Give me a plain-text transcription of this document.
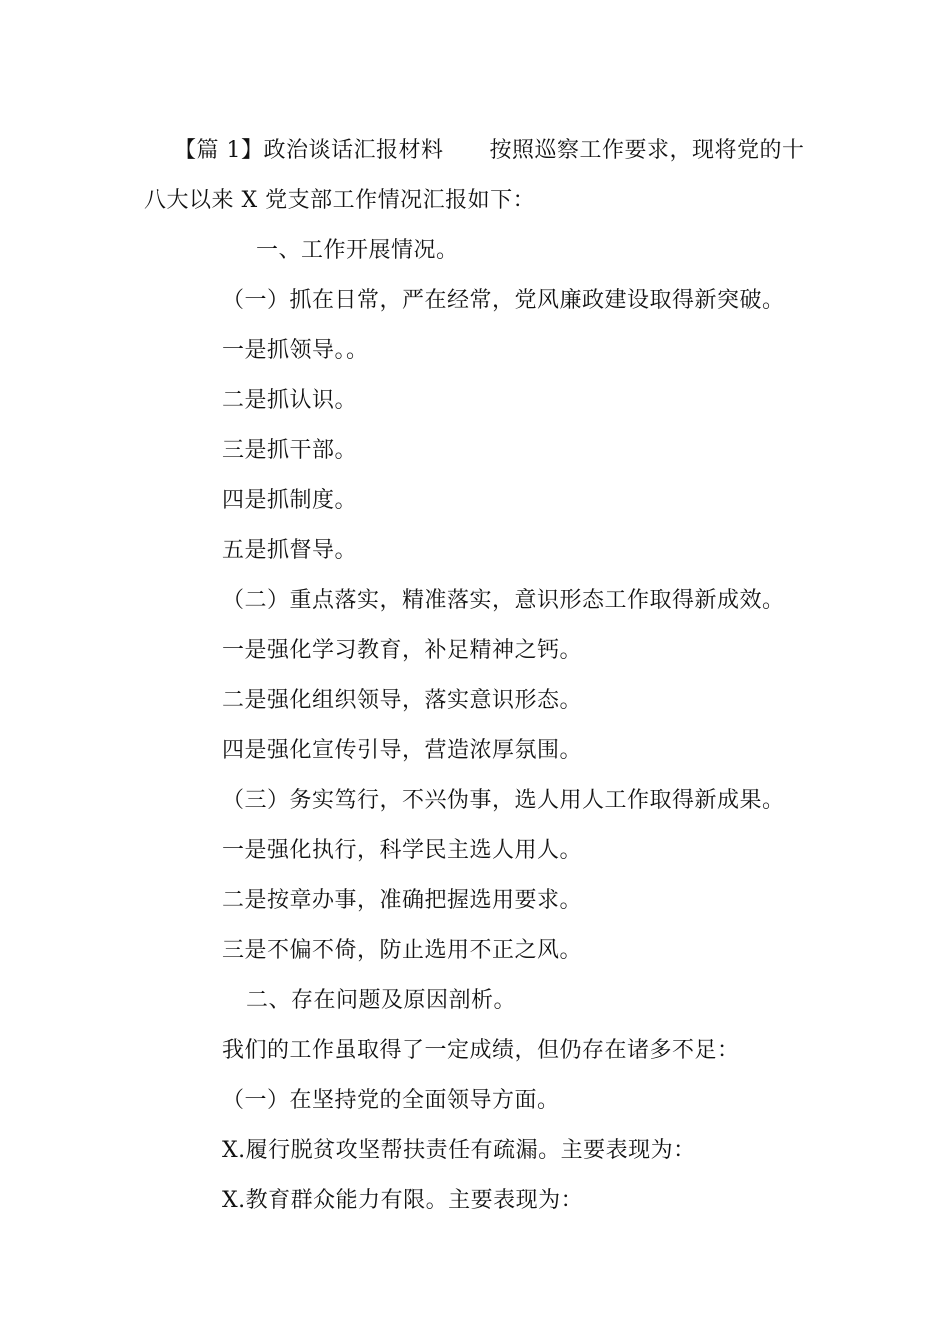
【篇 1】政治谈话汇报材料 按照巡察工作要求，现将党的十
八大以来 X 党支部工作情况汇报如下：
一、工作开展情况。
（一）抓在日常，严在经常，党风廉政建设取得新突破。
一是抓领导。。
二是抓认识。
三是抓干部。
四是抓制度。
五是抓督导。
（二）重点落实，精准落实，意识形态工作取得新成效。
一是强化学习教育，补足精神之钙。
二是强化组织领导，落实意识形态。
四是强化宣传引导，营造浓厚氛围。
（三）务实笃行，不兴伪事，选人用人工作取得新成果。
一是强化执行，科学民主选人用人。
二是按章办事，准确把握选用要求。
三是不偏不倚，防止选用不正之风。
二、存在问题及原因剖析。
我们的工作虽取得了一定成绩，但仍存在诸多不足：
（一）在坚持党的全面领导方面。
X.履行脱贫攻坚帮扶责任有疏漏。主要表现为：
X.教育群众能力有限。主要表现为：
